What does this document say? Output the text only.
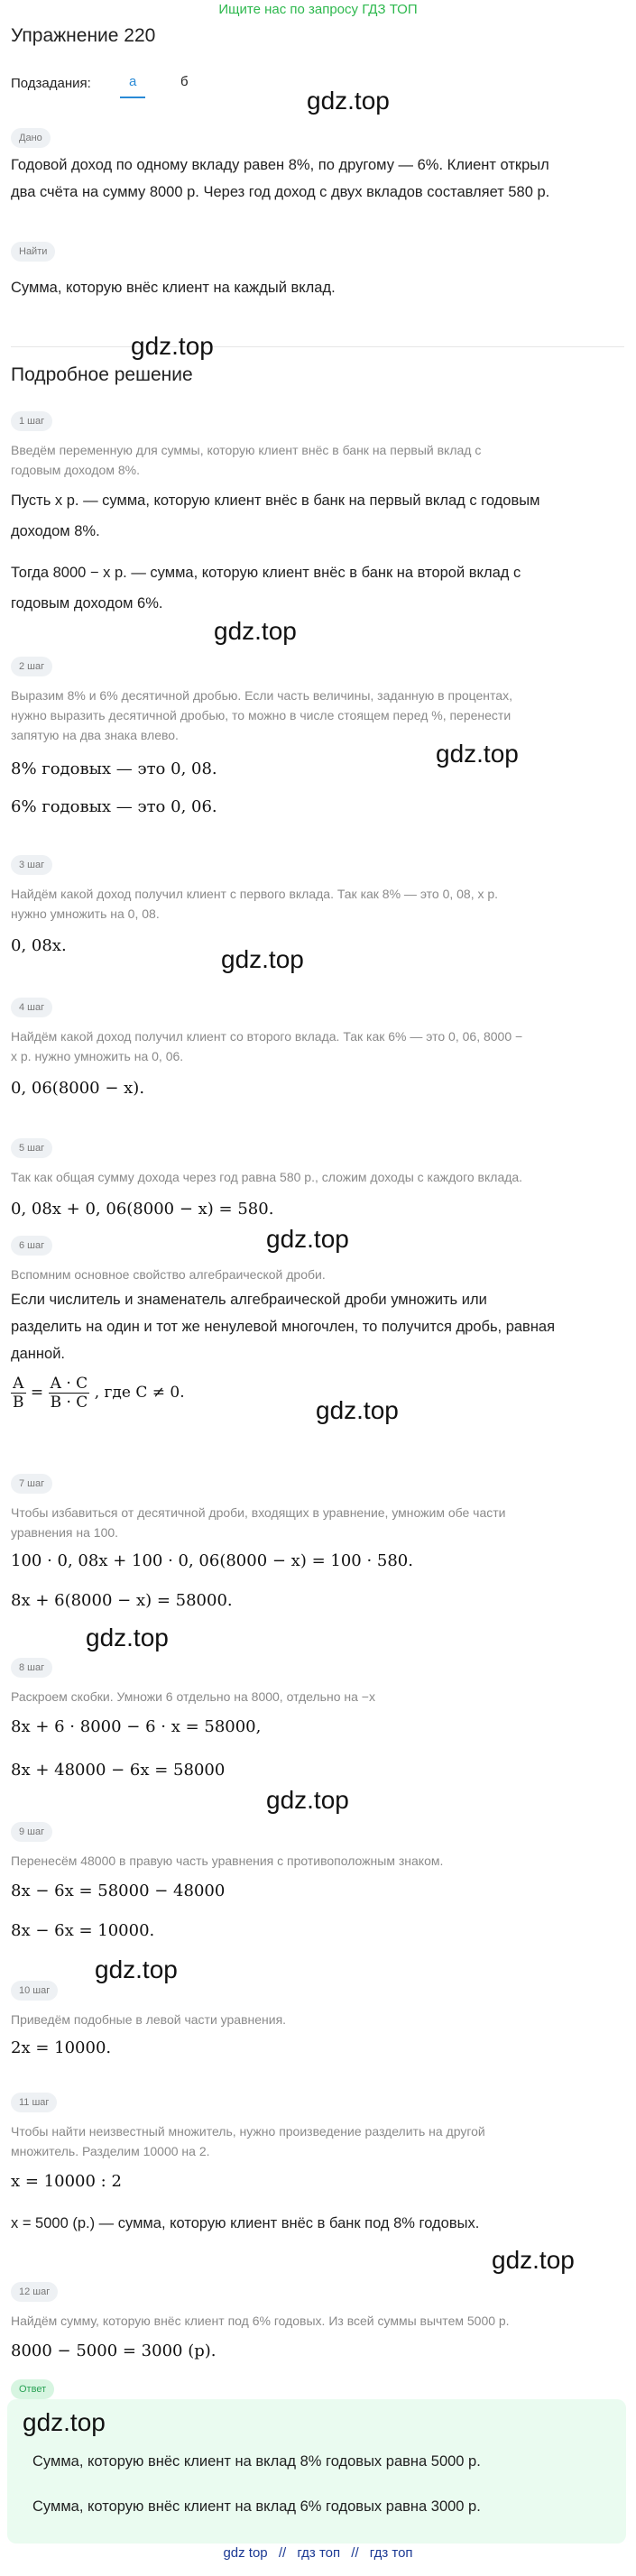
Ищите нас по запросу ГДЗ ТОП
Упражнение 220
Подзадания:	а	б
gdz.top
Дано
Годовой доход по одному вкладу равен 8%, по другому — 6%. Клиент открыл
два счёта на сумму 8000 р. Через год доход с двух вкладов составляет 580 р.
Найти
Сумма, которую внёс клиент на каждый вклад.
gdz.top
Подробное решение
1 шаг
Введём переменную для суммы, которую клиент внёс в банк на первый вклад с
годовым доходом 8%.
Пусть x р. — сумма, которую клиент внёс в банк на первый вклад с годовым
доходом 8%.
Тогда 8000 − x р. — сумма, которую клиент внёс в банк на второй вклад с
годовым доходом 6%.
gdz.top
2 шаг
Выразим 8% и 6% десятичной дробью. Если часть величины, заданную в процентах,
нужно выразить десятичной дробью, то можно в числе стоящем перед %, перенести
запятую на два знака влево.
gdz.top
8% годовых — это 0, 08.
6% годовых — это 0, 06.
3 шаг
Найдём какой доход получил клиент с первого вклада. Так как 8% — это 0, 08, x р.
нужно умножить на 0, 08.
0, 08x.	gdz.top
4 шаг
Найдём какой доход получил клиент со второго вклада. Так как 6% — это 0, 06, 8000 −
x р. нужно умножить на 0, 06.
0, 06(8000 − x).
5 шаг
Так как общая сумму дохода через год равна 580 р., сложим доходы с каждого вклада.
0, 08x + 0, 06(8000 − x) = 580.
gdz.top
6 шаг
Вспомним основное свойство алгебраической дроби.
Если числитель и знаменатель алгебраической дроби умножить или
разделить на один и тот же ненулевой многочлен, то получится дробь, равная
данной.
$\frac{A}{B} = \frac{A \cdot C}{B \cdot C}$ , где C ≠ 0.
gdz.top
7 шаг
Чтобы избавиться от десятичной дроби, входящих в уравнение, умножим обе части
уравнения на 100.
100 · 0, 08x + 100 · 0, 06(8000 − x) = 100 · 580.
8x + 6(8000 − x) = 58000.
gdz.top
8 шаг
Раскроем скобки. Умножи 6 отдельно на 8000, отдельно на −x
8x + 6 · 8000 − 6 · x = 58000,
8x + 48000 − 6x = 58000
gdz.top
9 шаг
Перенесём 48000 в правую часть уравнения с противоположным знаком.
8x − 6x = 58000 − 48000
8x − 6x = 10000.
gdz.top
10 шаг
Приведём подобные в левой части уравнения.
2x = 10000.
11 шаг
Чтобы найти неизвестный множитель, нужно произведение разделить на другой
множитель. Разделим 10000 на 2.
x = 10000 : 2
x = 5000 (р.) — сумма, которую клиент внёс в банк под 8% годовых.
gdz.top
12 шаг
Найдём сумму, которую внёс клиент под 6% годовых. Из всей суммы вычтем 5000 р.
8000 − 5000 = 3000 (р).
Ответ
gdz.top
Сумма, которую внёс клиент на вклад 8% годовых равна 5000 р.
Сумма, которую внёс клиент на вклад 6% годовых равна 3000 р.
gdz top // гдз топ // гдз топ
